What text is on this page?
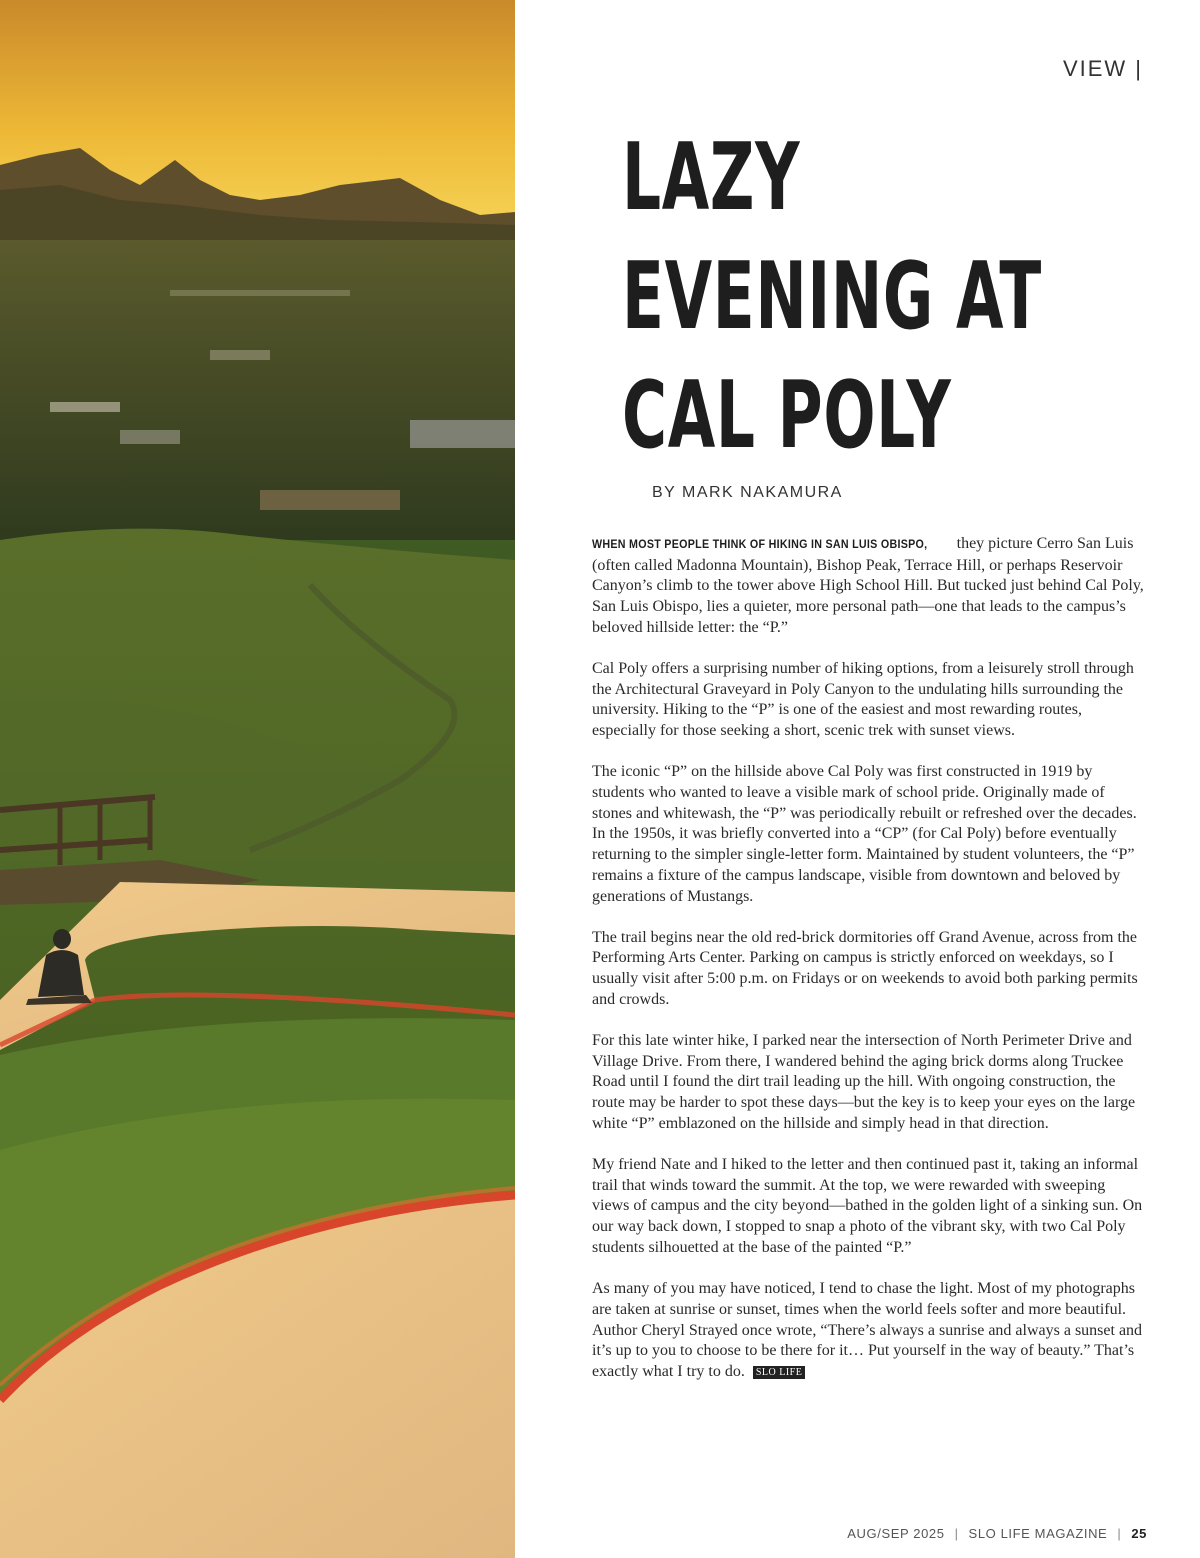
VIEW |

LAZY
EVENING AT
CAL POLY

BY MARK NAKAMURA

WHEN MOST PEOPLE THINK OF HIKING IN SAN LUIS OBISPO, they picture Cerro San Luis (often called Madonna Mountain), Bishop Peak, Terrace Hill, or perhaps Reservoir Canyon’s climb to the tower above High School Hill. But tucked just behind Cal Poly, San Luis Obispo, lies a quieter, more personal path—one that leads to the campus’s beloved hillside letter: the “P.”

Cal Poly offers a surprising number of hiking options, from a leisurely stroll through the Architectural Graveyard in Poly Canyon to the undulating hills surrounding the university. Hiking to the “P” is one of the easiest and most rewarding routes, especially for those seeking a short, scenic trek with sunset views.

The iconic “P” on the hillside above Cal Poly was first constructed in 1919 by students who wanted to leave a visible mark of school pride. Originally made of stones and whitewash, the “P” was periodically rebuilt or refreshed over the decades. In the 1950s, it was briefly converted into a “CP” (for Cal Poly) before eventually returning to the simpler single-letter form. Maintained by student volunteers, the “P” remains a fixture of the campus landscape, visible from downtown and beloved by generations of Mustangs.

The trail begins near the old red-brick dormitories off Grand Avenue, across from the Performing Arts Center. Parking on campus is strictly enforced on weekdays, so I usually visit after 5:00 p.m. on Fridays or on weekends to avoid both parking permits and crowds.

For this late winter hike, I parked near the intersection of North Perimeter Drive and Village Drive. From there, I wandered behind the aging brick dorms along Truckee Road until I found the dirt trail leading up the hill. With ongoing construction, the route may be harder to spot these days—but the key is to keep your eyes on the large white “P” emblazoned on the hillside and simply head in that direction.

My friend Nate and I hiked to the letter and then continued past it, taking an informal trail that winds toward the summit. At the top, we were rewarded with sweeping views of campus and the city beyond—bathed in the golden light of a sinking sun. On our way back down, I stopped to snap a photo of the vibrant sky, with two Cal Poly students silhouetted at the base of the painted “P.”

As many of you may have noticed, I tend to chase the light. Most of my photographs are taken at sunrise or sunset, times when the world feels softer and more beautiful. Author Cheryl Strayed once wrote, “There’s always a sunrise and always a sunset and it’s up to you to choose to be there for it… Put yourself in the way of beauty.” That’s exactly what I try to do. SLO LIFE

AUG/SEP 2025 | SLO LIFE MAGAZINE | 25
